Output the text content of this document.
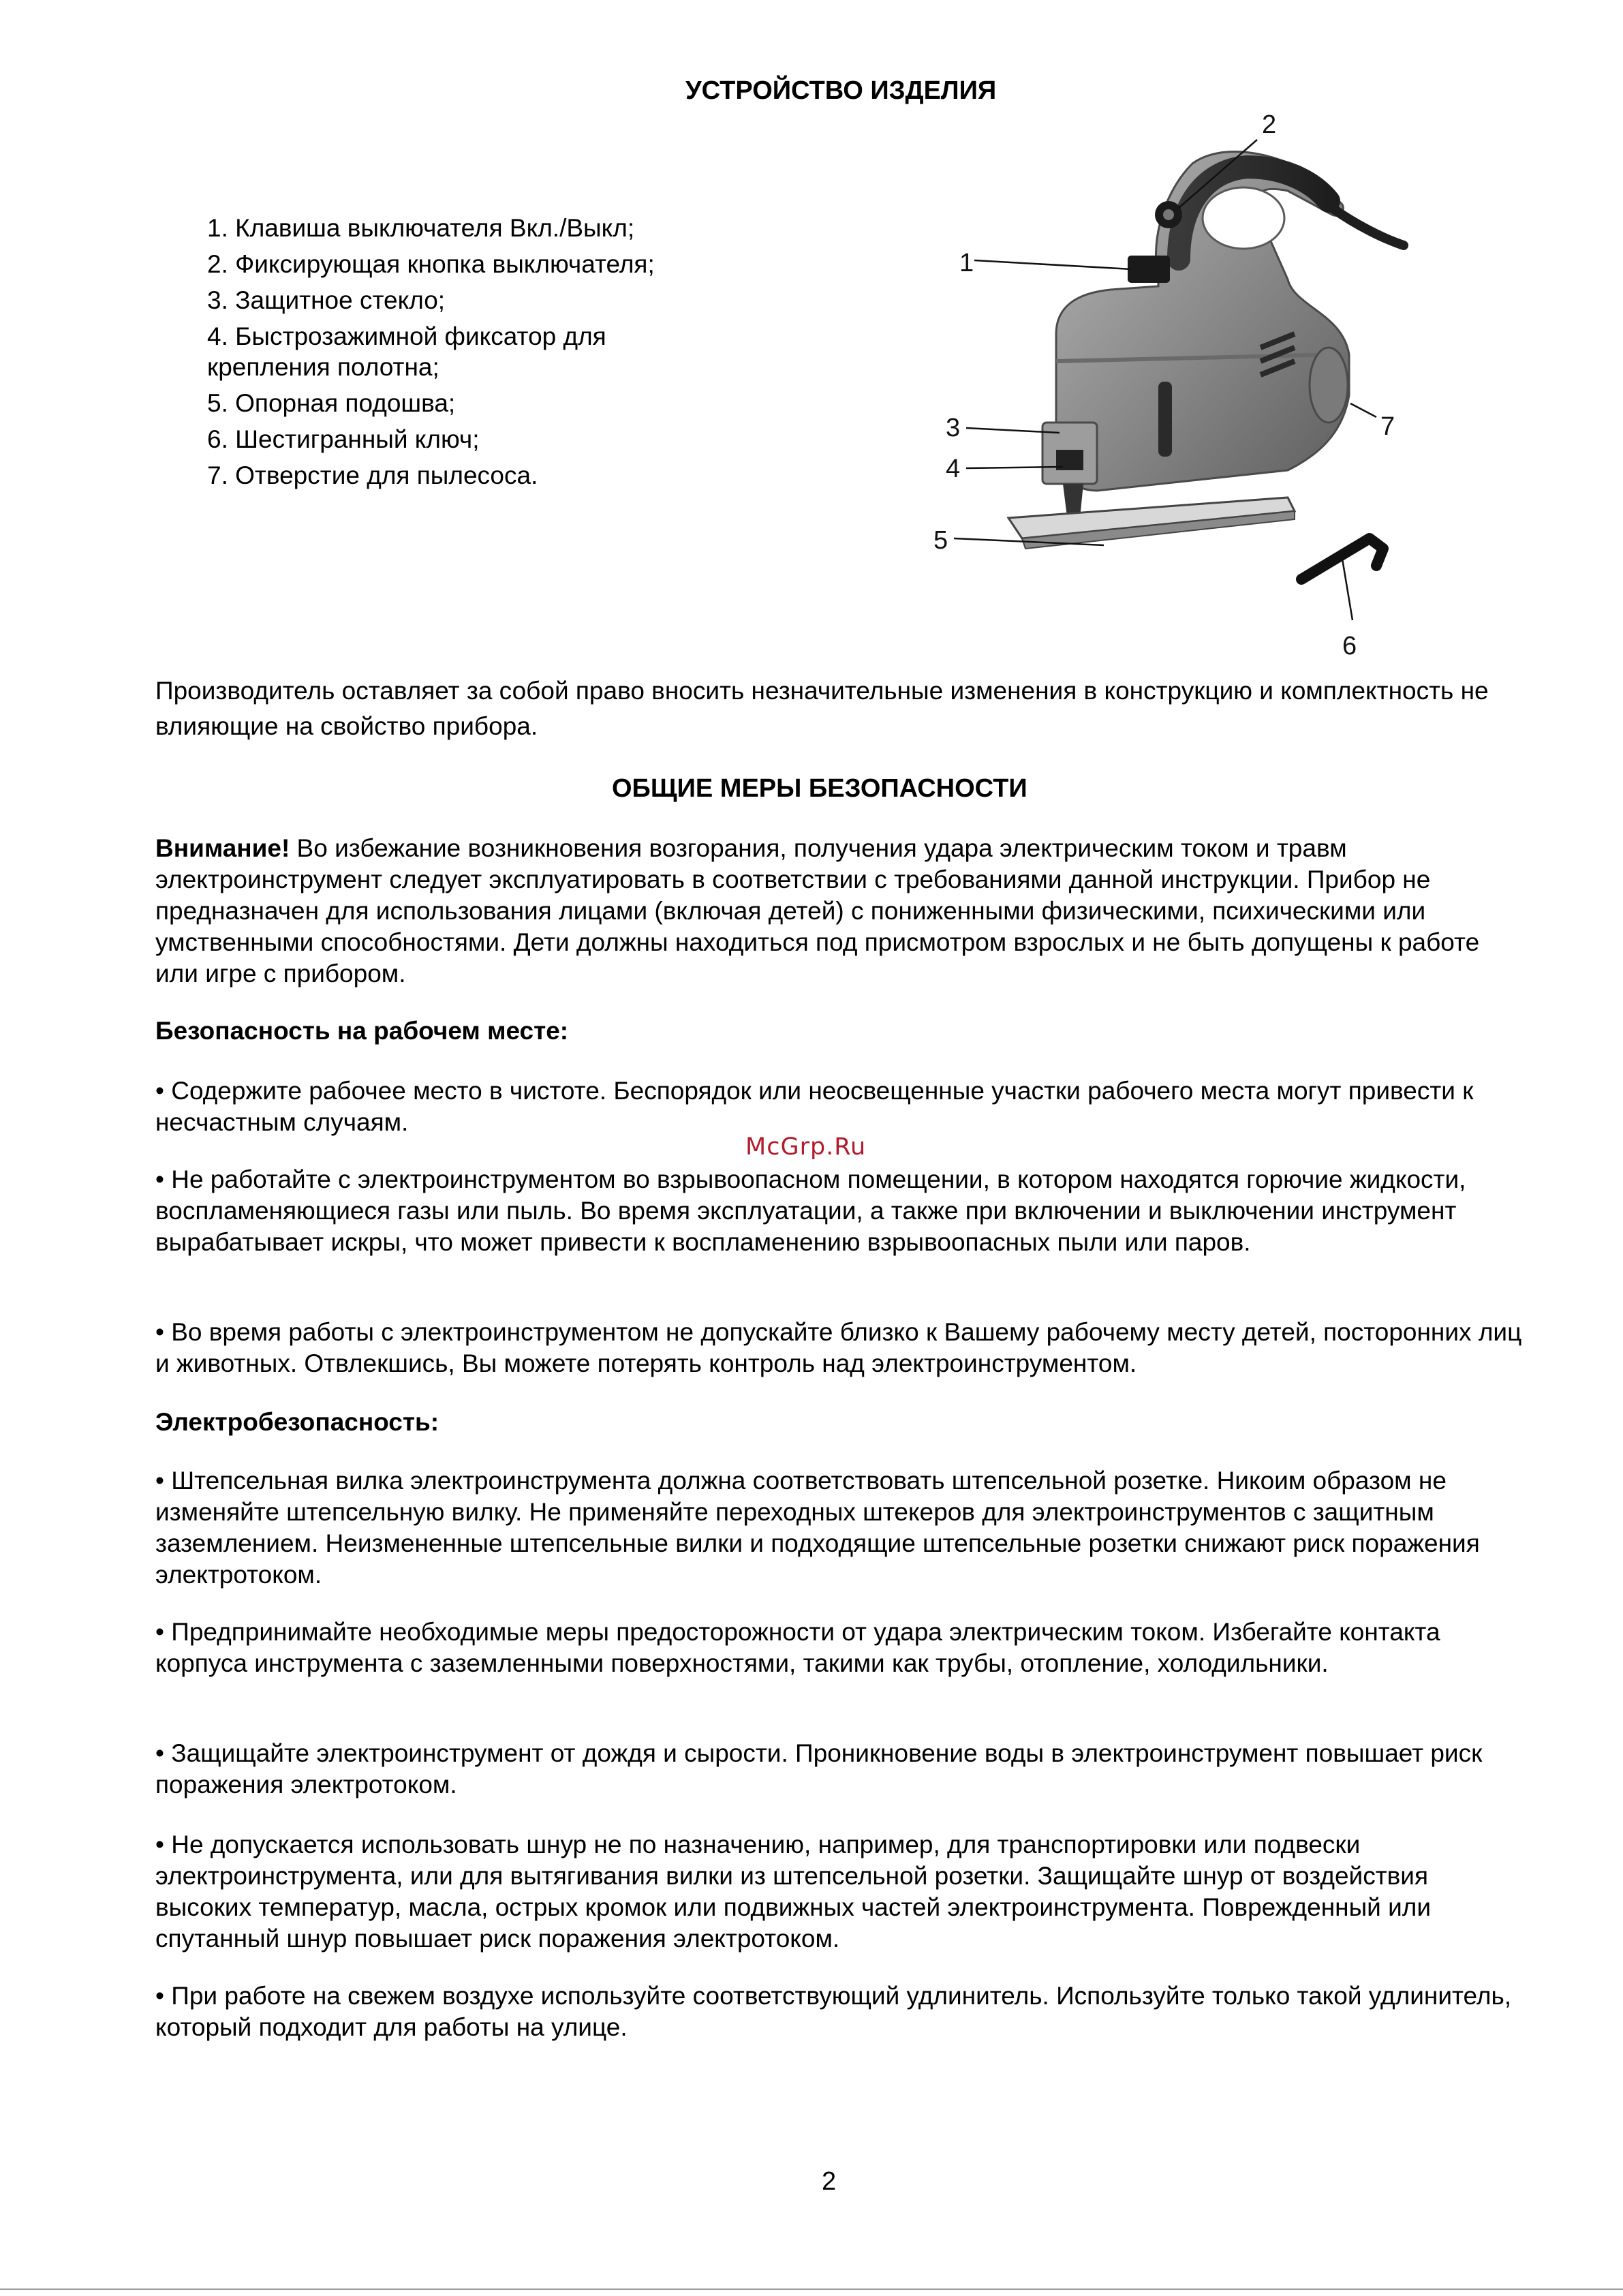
УСТРОЙСТВО ИЗДЕЛИЯ
1. Клавиша выключателя Вкл./Выкл;
2. Фиксирующая кнопка выключателя;
3. Защитное стекло;
4. Быстрозажимной фиксатор для
крепления полотна;
5. Опорная подошва;
6. Шестигранный ключ;
7. Отверстие для пылесоса.
2
1
3
4
5
6
7
Производитель оставляет за собой право вносить незначительные изменения в конструкцию и комплектность не влияющие на свойство прибора.
ОБЩИЕ МЕРЫ БЕЗОПАСНОСТИ

Внимание! Во избежание возникновения возгорания, получения удара электрическим током и травм электроинструмент следует эксплуатировать в соответствии с требованиями данной инструкции. Прибор не предназначен для использования лицами (включая детей) с пониженными физическими, психическими или умственными способностями. Дети должны находиться под присмотром взрослых и не быть допущены к работе или игре с прибором.

Безопасность на рабочем месте:
• Содержите рабочее место в чистоте. Беспорядок или неосвещенные участки рабочего места могут привести к несчастным случаям.
McGrp.Ru
• Не работайте с электроинструментом во взрывоопасном помещении, в котором находятся горючие жидкости, воспламеняющиеся газы или пыль. Во время эксплуатации, а также при включении и выключении инструмент вырабатывает искры, что может привести к воспламенению взрывоопасных пыли или паров.
• Во время работы с электроинструментом не допускайте близко к Вашему рабочему месту детей, посторонних лиц и животных. Отвлекшись, Вы можете потерять контроль над электроинструментом.
Электробезопасность:
• Штепсельная вилка электроинструмента должна соответствовать штепсельной розетке. Никоим образом не изменяйте штепсельную вилку. Не применяйте переходных штекеров для электроинструментов с защитным заземлением. Неизмененные штепсельные вилки и подходящие штепсельные розетки снижают риск поражения электротоком.
• Предпринимайте необходимые меры предосторожности от удара электрическим током. Избегайте контакта корпуса инструмента с заземленными поверхностями, такими как трубы, отопление, холодильники.
• Защищайте электроинструмент от дождя и сырости. Проникновение воды в электроинструмент повышает риск поражения электротоком.
• Не допускается использовать шнур не по назначению, например, для транспортировки или подвески электроинструмента, или для вытягивания вилки из штепсельной розетки. Защищайте шнур от воздействия высоких температур, масла, острых кромок или подвижных частей электроинструмента. Поврежденный или спутанный шнур повышает риск поражения электротоком.
• При работе на свежем воздухе используйте соответствующий удлинитель. Используйте только такой удлинитель, который подходит для работы на улице.
2
